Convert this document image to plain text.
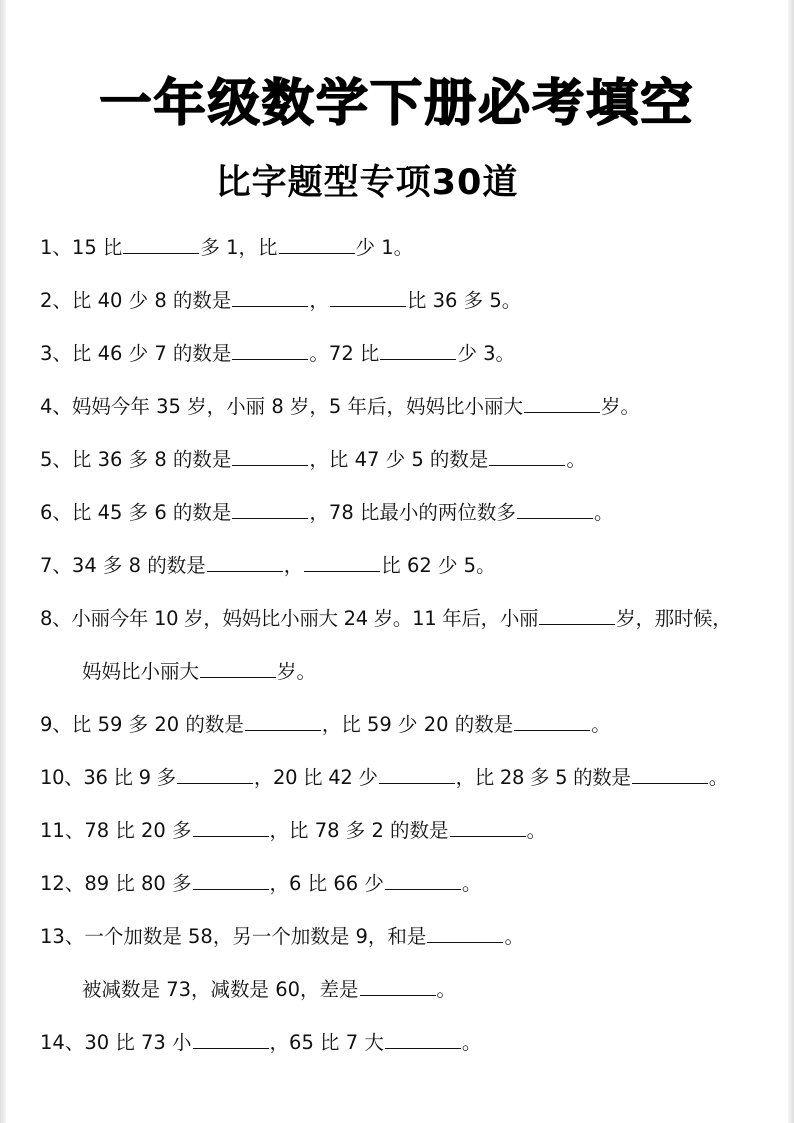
一年级数学下册必考填空
比字题型专项30道
1、15 比	多 1，比	少 1。
2、比 40 少 8 的数是	，	比 36 多 5。
3、比 46 少 7 的数是	。72 比	少 3。
4、妈妈今年 35 岁，小丽 8 岁，5 年后，妈妈比小丽大	岁。
5、比 36 多 8 的数是	，比 47 少 5 的数是	。
6、比 45 多 6 的数是	，78 比最小的两位数多	。
7、34 多 8 的数是	，	比 62 少 5。
8、小丽今年 10 岁，妈妈比小丽大 24 岁。11 年后，小丽	岁，那时候，
妈妈比小丽大	岁。
9、比 59 多 20 的数是	，比 59 少 20 的数是	。
10、36 比 9 多	，20 比 42 少	，比 28 多 5 的数是	。
11、78 比 20 多	，比 78 多 2 的数是	。
12、89 比 80 多	，6 比 66 少	。
13、一个加数是 58，另一个加数是 9，和是	。
被减数是 73，减数是 60，差是	。
14、30 比 73 小	，65 比 7 大	。
